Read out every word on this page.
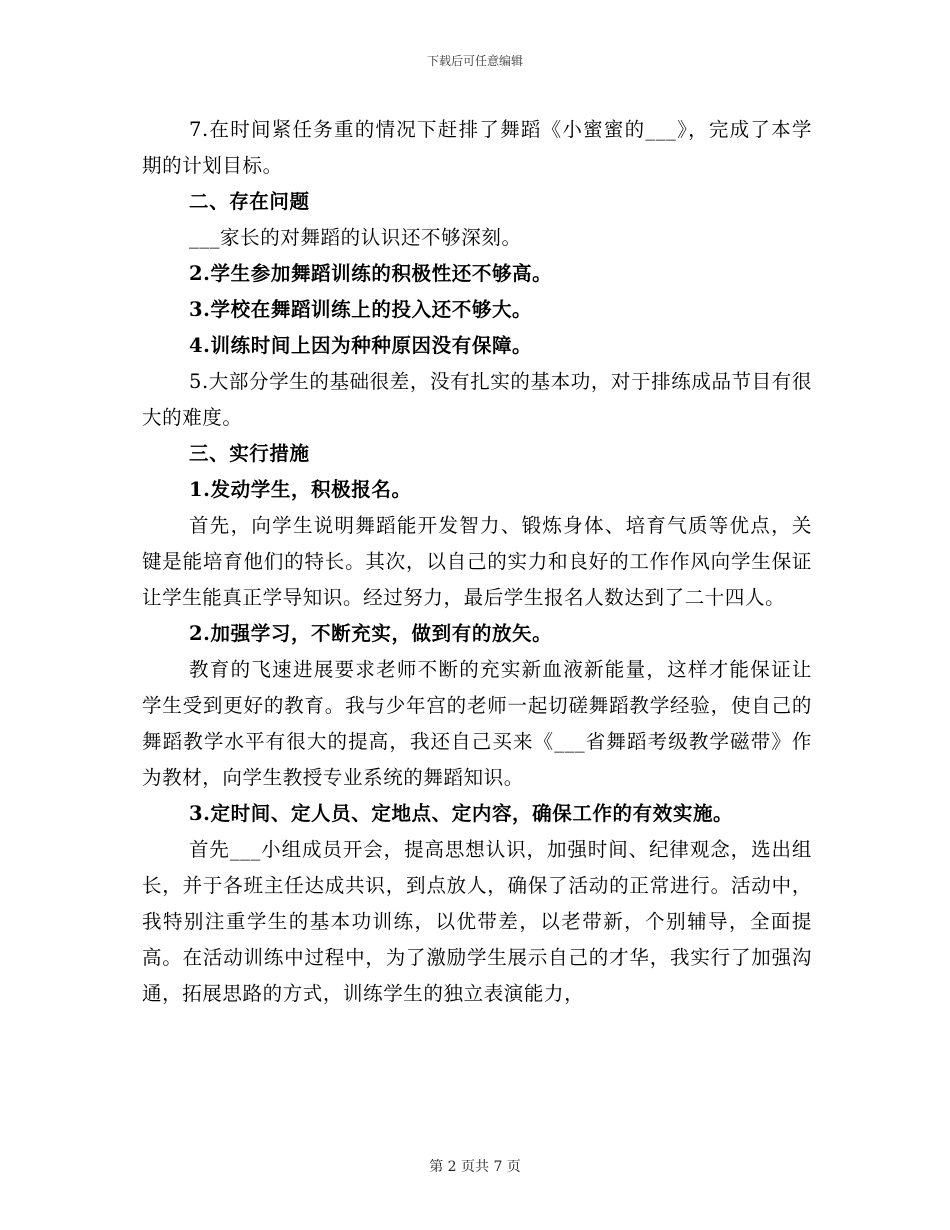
下载后可任意编辑

7.在时间紧任务重的情况下赶排了舞蹈《小蜜蜜的___》，完成了本学期的计划目标。

二、存在问题

___家长的对舞蹈的认识还不够深刻。

2.学生参加舞蹈训练的积极性还不够高。

3.学校在舞蹈训练上的投入还不够大。

4.训练时间上因为种种原因没有保障。

5.大部分学生的基础很差，没有扎实的基本功，对于排练成品节目有很大的难度。

三、实行措施

1.发动学生，积极报名。

首先，向学生说明舞蹈能开发智力、锻炼身体、培育气质等优点，关键是能培育他们的特长。其次，以自己的实力和良好的工作作风向学生保证让学生能真正学导知识。经过努力，最后学生报名人数达到了二十四人。

2.加强学习，不断充实，做到有的放矢。

教育的飞速进展要求老师不断的充实新血液新能量，这样才能保证让学生受到更好的教育。我与少年宫的老师一起切磋舞蹈教学经验，使自己的舞蹈教学水平有很大的提高，我还自己买来《___省舞蹈考级教学磁带》作为教材，向学生教授专业系统的舞蹈知识。

3.定时间、定人员、定地点、定内容，确保工作的有效实施。

首先___小组成员开会，提高思想认识，加强时间、纪律观念，选出组长，并于各班主任达成共识，到点放人，确保了活动的正常进行。活动中，我特别注重学生的基本功训练，以优带差，以老带新，个别辅导，全面提高。在活动训练中过程中，为了激励学生展示自己的才华，我实行了加强沟通，拓展思路的方式，训练学生的独立表演能力，

第 2 页共 7 页
